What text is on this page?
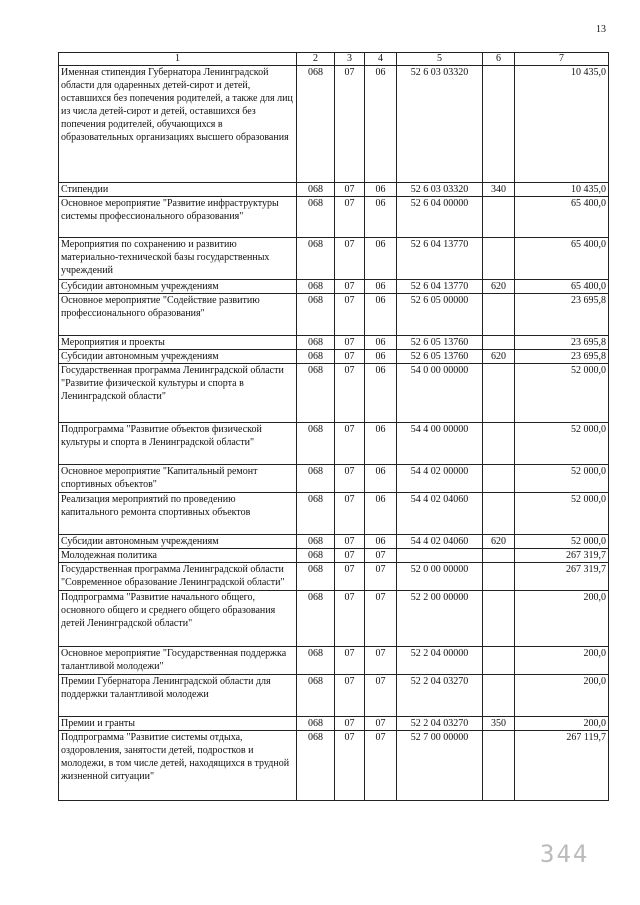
13
1	2	3	4	5	6	7
Именная стипендия Губернатора Ленинградской области для одаренных детей-сирот и детей, оставшихся без попечения родителей, а также для лиц из числа детей-сирот и детей, оставшихся без попечения родителей, обучающихся в образовательных организациях высшего образования	068	07	06	52 6 03 03320		10 435,0
Стипендии	068	07	06	52 6 03 03320	340	10 435,0
Основное мероприятие "Развитие инфраструктуры системы профессионального образования"	068	07	06	52 6 04 00000		65 400,0
Мероприятия по сохранению и развитию материально-технической базы государственных учреждений	068	07	06	52 6 04 13770		65 400,0
Субсидии автономным учреждениям	068	07	06	52 6 04 13770	620	65 400,0
Основное мероприятие "Содействие развитию профессионального образования"	068	07	06	52 6 05 00000		23 695,8
Мероприятия и проекты	068	07	06	52 6 05 13760		23 695,8
Субсидии автономным учреждениям	068	07	06	52 6 05 13760	620	23 695,8
Государственная программа Ленинградской области "Развитие физической культуры и спорта в Ленинградской области"	068	07	06	54 0 00 00000		52 000,0
Подпрограмма "Развитие объектов физической культуры и спорта в Ленинградской области"	068	07	06	54 4 00 00000		52 000,0
Основное мероприятие "Капитальный ремонт спортивных объектов"	068	07	06	54 4 02 00000		52 000,0
Реализация мероприятий по проведению капитального ремонта спортивных объектов	068	07	06	54 4 02 04060		52 000,0
Субсидии автономным учреждениям	068	07	06	54 4 02 04060	620	52 000,0
Молодежная политика	068	07	07			267 319,7
Государственная программа Ленинградской области "Современное образование Ленинградской области"	068	07	07	52 0 00 00000		267 319,7
Подпрограмма "Развитие начального общего, основного общего и среднего общего образования детей Ленинградской области"	068	07	07	52 2 00 00000		200,0
Основное мероприятие "Государственная поддержка талантливой молодежи"	068	07	07	52 2 04 00000		200,0
Премии Губернатора Ленинградской области для поддержки талантливой молодежи	068	07	07	52 2 04 03270		200,0
Премии и гранты	068	07	07	52 2 04 03270	350	200,0
Подпрограмма "Развитие системы отдыха, оздоровления, занятости детей, подростков и молодежи, в том числе детей, находящихся в трудной жизненной ситуации"	068	07	07	52 7 00 00000		267 119,7
344
